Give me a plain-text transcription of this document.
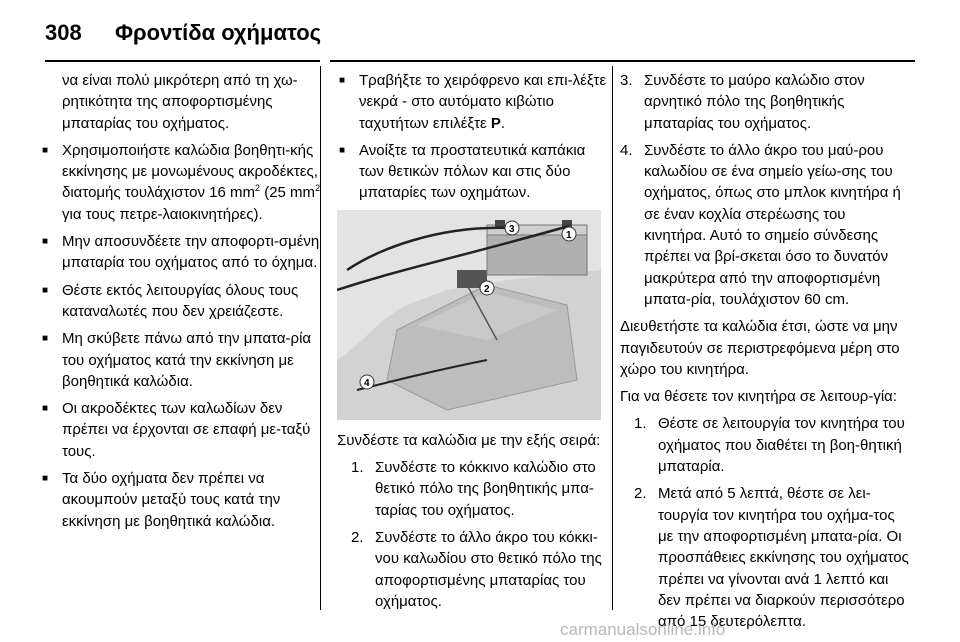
308 Φροντίδα οχήματος

να είναι πολύ μικρότερη από τη χω-ρητικότητα της αποφορτισμένης μπαταρίας του οχήματος.

■ Χρησιμοποιήστε καλώδια βοηθητι-κής εκκίνησης με μονωμένους ακροδέκτες, διατομής τουλάχιστον 16 $mm^2$ (25 $mm^2$ για τους πετρε-λαιοκινητήρες).
■ Μην αποσυνδέετε την αποφορτι-σμένη μπαταρία του οχήματος από το όχημα.
■ Θέστε εκτός λειτουργίας όλους τους καταναλωτές που δεν χρειάζεστε.
■ Μη σκύβετε πάνω από την μπατα-ρία του οχήματος κατά την εκκίνηση με βοηθητικά καλώδια.
■ Οι ακροδέκτες των καλωδίων δεν πρέπει να έρχονται σε επαφή με-ταξύ τους.
■ Τα δύο οχήματα δεν πρέπει να ακουμπούν μεταξύ τους κατά την εκκίνηση με βοηθητικά καλώδια.
■ Τραβήξτε το χειρόφρενο και επι-λέξτε νεκρά - στο αυτόματο κιβώτιο ταχυτήτων επιλέξτε P.
■ Ανοίξτε τα προστατευτικά καπάκια των θετικών πόλων και στις δύο μπαταρίες των οχημάτων.
1
2
3
4

Συνδέστε τα καλώδια με την εξής σειρά:

1. Συνδέστε το κόκκινο καλώδιο στο θετικό πόλο της βοηθητικής μπα-ταρίας του οχήματος.
2. Συνδέστε το άλλο άκρο του κόκκι-νου καλωδίου στο θετικό πόλο της αποφορτισμένης μπαταρίας του οχήματος.
3. Συνδέστε το μαύρο καλώδιο στον αρνητικό πόλο της βοηθητικής μπαταρίας του οχήματος.
4. Συνδέστε το άλλο άκρο του μαύ-ρου καλωδίου σε ένα σημείο γείω-σης του οχήματος, όπως στο μπλοκ κινητήρα ή σε έναν κοχλία στερέωσης του κινητήρα. Αυτό το σημείο σύνδεσης πρέπει να βρί-σκεται όσο το δυνατόν μακρύτερα από την αποφορτισμένη μπατα-ρία, τουλάχιστον 60 cm.

Διευθετήστε τα καλώδια έτσι, ώστε να μην παγιδευτούν σε περιστρεφόμενα μέρη στο χώρο του κινητήρα.

Για να θέσετε τον κινητήρα σε λειτουρ-γία:

1. Θέστε σε λειτουργία τον κινητήρα του οχήματος που διαθέτει τη βοη-θητική μπαταρία.
2. Μετά από 5 λεπτά, θέστε σε λει-τουργία τον κινητήρα του οχήμα-τος με την αποφορτισμένη μπατα-ρία. Οι προσπάθειες εκκίνησης του οχήματος πρέπει να γίνονται ανά 1 λεπτό και δεν πρέπει να διαρκούν περισσότερο από 15 δευτερόλεπτα.
carmanualsonline.info
